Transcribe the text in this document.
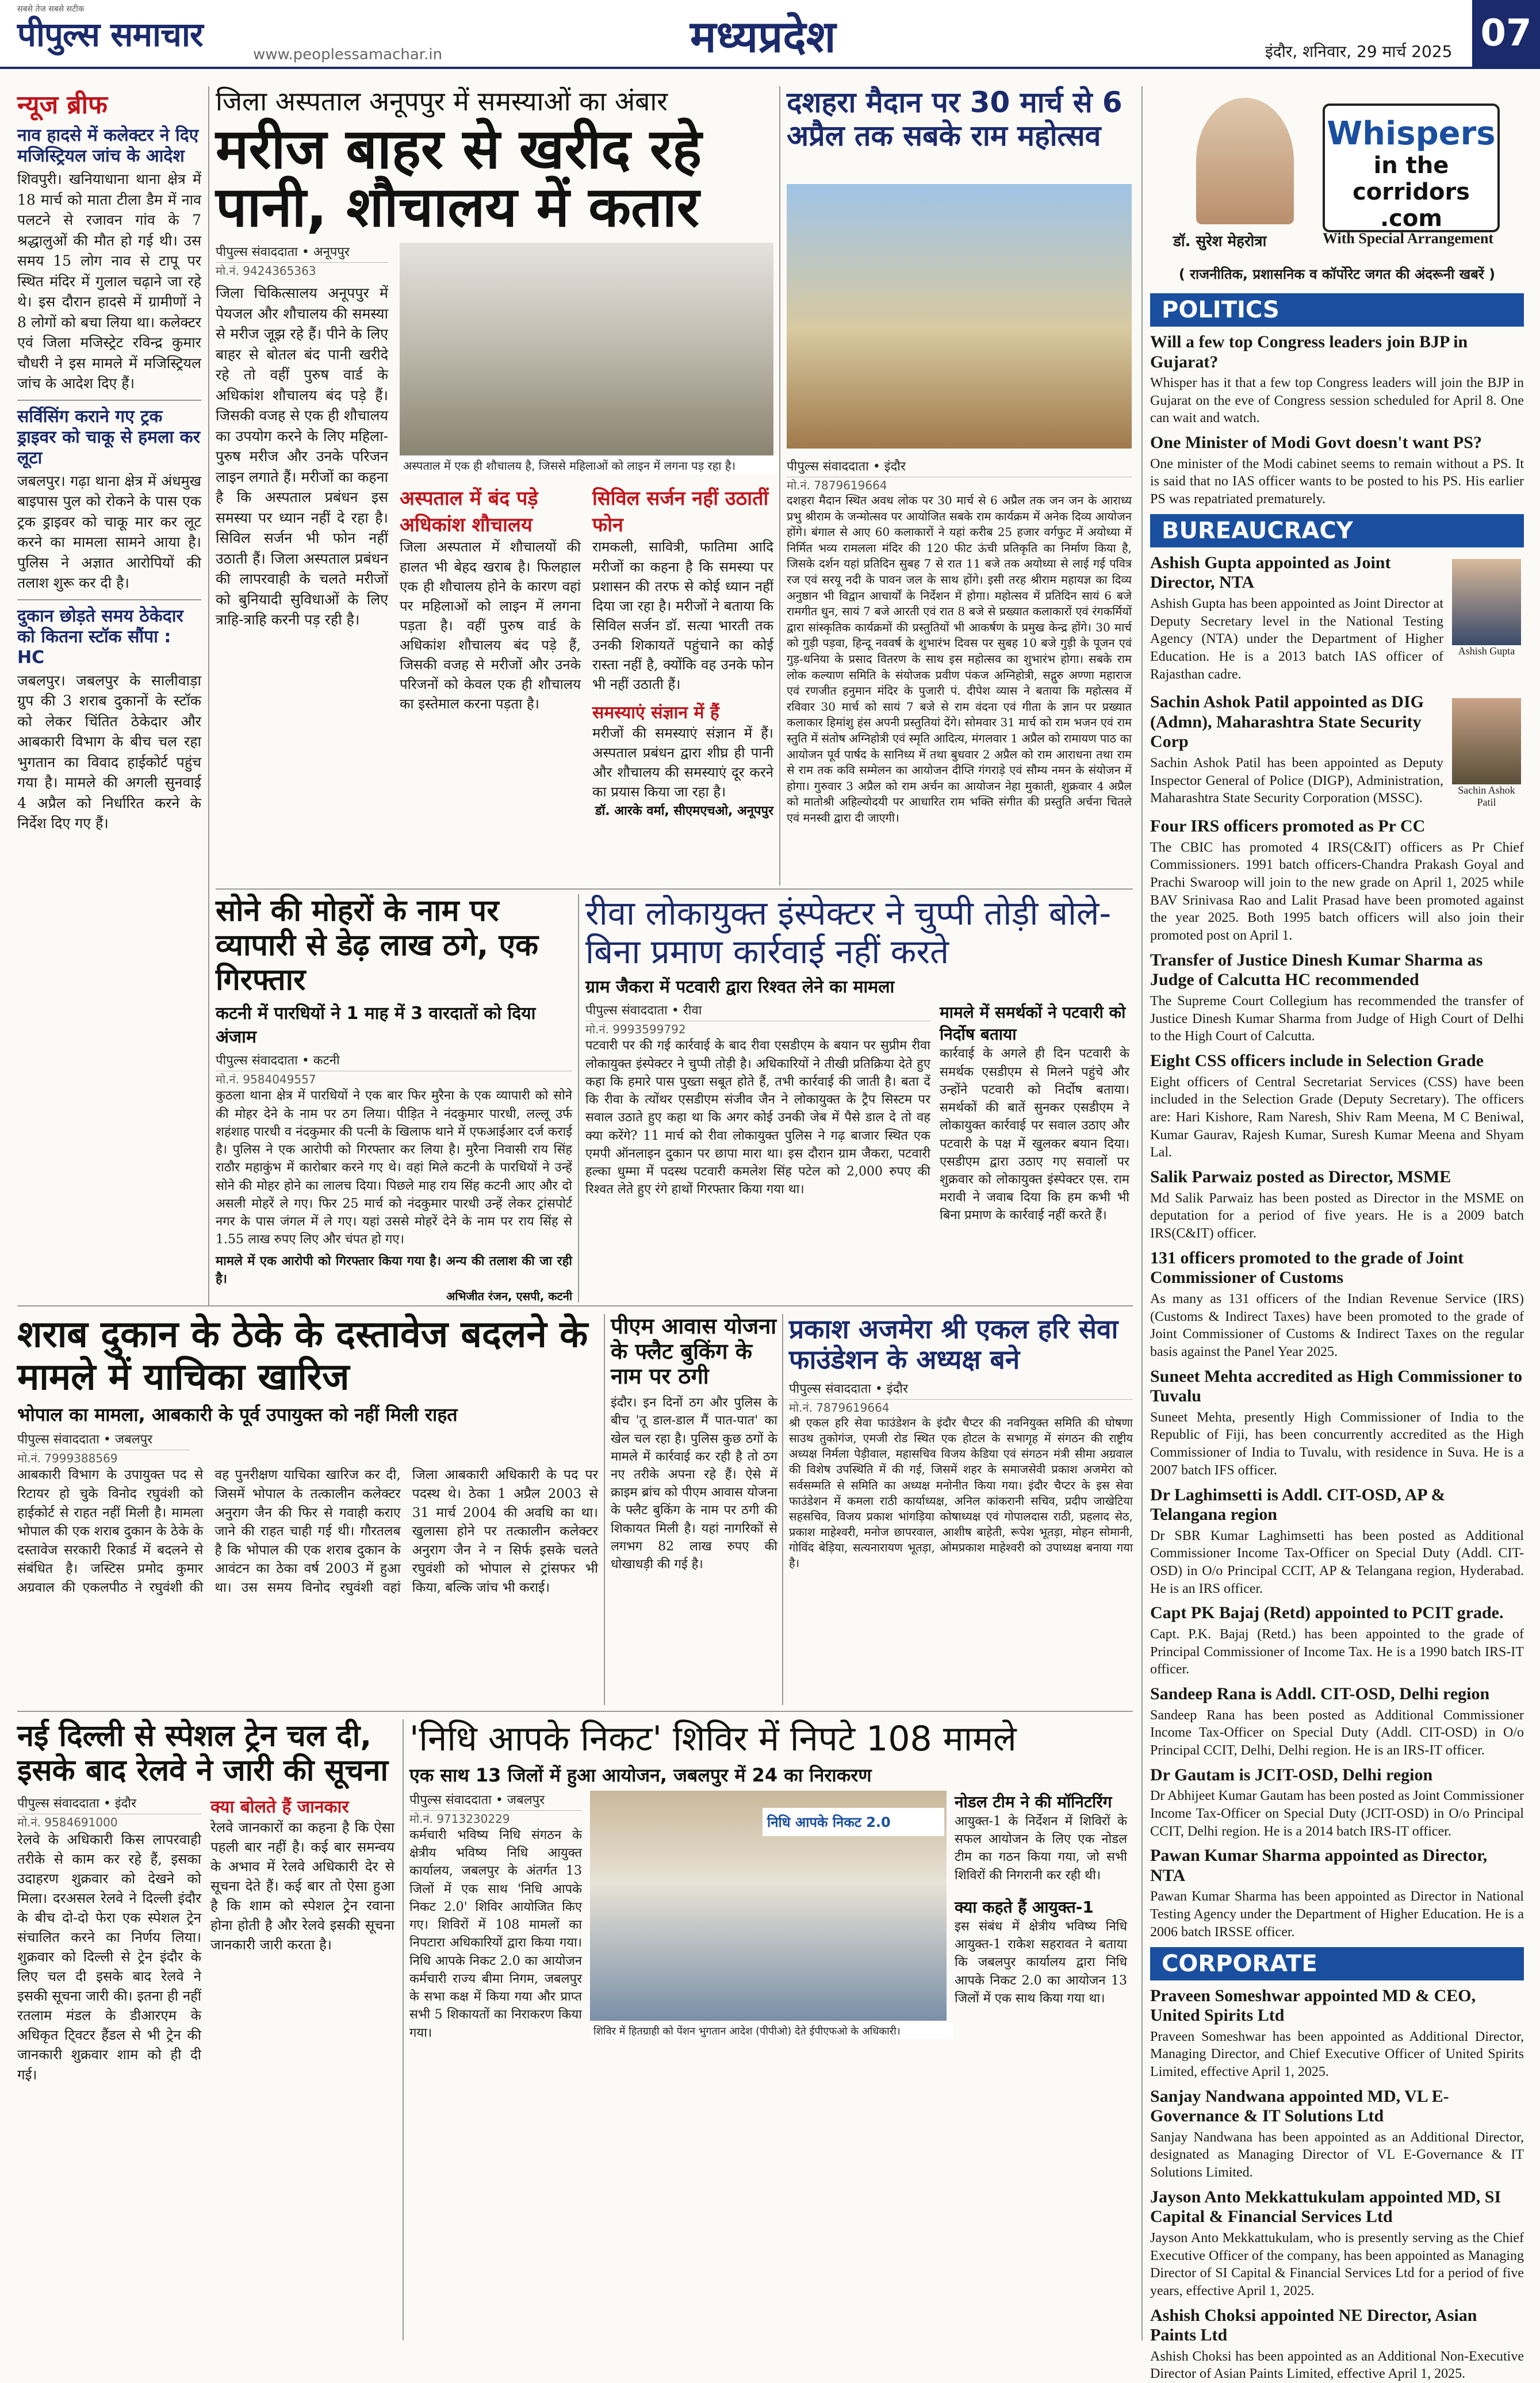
सबसे तेज सबसे सटीक
पीपुल्स समाचार
www.peoplessamachar.in	मध्यप्रदेश	इंदौर, शनिवार, 29 मार्च 2025 07
न्यूज ब्रीफ
नाव हादसे में कलेक्टर ने दिए मजिस्ट्रियल जांच के आदेश
शिवपुरी। खनियाधाना थाना क्षेत्र में 18 मार्च को माता टीला डैम में नाव पलटने से रजावन गांव के 7 श्रद्धालुओं की मौत हो गई थी। उस समय 15 लोग नाव से टापू पर स्थित मंदिर में गुलाल चढ़ाने जा रहे थे। इस दौरान हादसे में ग्रामीणों ने 8 लोगों को बचा लिया था। कलेक्टर एवं जिला मजिस्ट्रेट रविन्द्र कुमार चौधरी ने इस मामले में मजिस्ट्रियल जांच के आदेश दिए हैं।
सर्विसिंग कराने गए ट्रक ड्राइवर को चाकू से हमला कर लूटा
जबलपुर। गढ़ा थाना क्षेत्र में अंधमुख बाइपास पुल को रोकने के पास एक ट्रक ड्राइवर को चाकू मार कर लूट करने का मामला सामने आया है। पुलिस ने अज्ञात आरोपियों की तलाश शुरू कर दी है।
दुकान छोड़ते समय ठेकेदार को कितना स्टॉक सौंपा : HC
जबलपुर। जबलपुर के सालीवाड़ा ग्रुप की 3 शराब दुकानों के स्टॉक को लेकर चिंतित ठेकेदार और आबकारी विभाग के बीच चल रहा भुगतान का विवाद हाईकोर्ट पहुंच गया है। मामले की अगली सुनवाई 4 अप्रैल को निर्धारित करने के निर्देश दिए गए हैं।
जिला अस्पताल अनूपपुर में समस्याओं का अंबार
मरीज बाहर से खरीद रहे पानी, शौचालय में कतार
पीपुल्स संवाददाता • अनूपपुर
मो.नं. 9424365363
जिला चिकित्सालय अनूपपुर में पेयजल और शौचालय की समस्या से मरीज जूझ रहे हैं। पीने के लिए बाहर से बोतल बंद पानी खरीदे रहे तो वहीं पुरुष वार्ड के अधिकांश शौचालय बंद पड़े हैं। जिसकी वजह से एक ही शौचालय का उपयोग करने के लिए महिला-पुरुष मरीज और उनके परिजन लाइन लगाते हैं। मरीजों का कहना है कि अस्पताल प्रबंधन इस समस्या पर ध्यान नहीं दे रहा है। सिविल सर्जन भी फोन नहीं उठाती हैं। जिला अस्पताल प्रबंधन की लापरवाही के चलते मरीजों को बुनियादी सुविधाओं के लिए त्राहि-त्राहि करनी पड़ रही है।
अस्पताल में एक ही शौचालय है, जिससे महिलाओं को लाइन में लगना पड़ रहा है।
अस्पताल में बंद पड़े अधिकांश शौचालय
जिला अस्पताल में शौचालयों की हालत भी बेहद खराब है। फिलहाल एक ही शौचालय होने के कारण वहां पर महिलाओं को लाइन में लगना पड़ता है। वहीं पुरुष वार्ड के अधिकांश शौचालय बंद पड़े हैं, जिसकी वजह से मरीजों और उनके परिजनों को केवल एक ही शौचालय का इस्तेमाल करना पड़ता है।
सिविल सर्जन नहीं उठातीं फोन
रामकली, सावित्री, फातिमा आदि मरीजों का कहना है कि समस्या पर प्रशासन की तरफ से कोई ध्यान नहीं दिया जा रहा है। मरीजों ने बताया कि सिविल सर्जन डॉ. सत्या भारती तक उनकी शिकायतें पहुंचाने का कोई रास्ता नहीं है, क्योंकि वह उनके फोन भी नहीं उठाती हैं।
समस्याएं संज्ञान में हैं
मरीजों की समस्याएं संज्ञान में हैं। अस्पताल प्रबंधन द्वारा शीघ्र ही पानी और शौचालय की समस्याएं दूर करने का प्रयास किया जा रहा है।
डॉ. आरके वर्मा, सीएमएचओ, अनूपपुर
दशहरा मैदान पर 30 मार्च से 6 अप्रैल तक सबके राम महोत्सव
पीपुल्स संवाददाता • इंदौर
मो.नं. 7879619664
दशहरा मैदान स्थित अवध लोक पर 30 मार्च से 6 अप्रैल तक जन जन के आराध्य प्रभु श्रीराम के जन्मोत्सव पर आयोजित सबके राम कार्यक्रम में अनेक दिव्य आयोजन होंगे। बंगाल से आए 60 कलाकारों ने यहां करीब 25 हजार वर्गफुट में अयोध्या में निर्मित भव्य रामलला मंदिर की 120 फीट ऊंची प्रतिकृति का निर्माण किया है, जिसके दर्शन यहां प्रतिदिन सुबह 7 से रात 11 बजे तक अयोध्या से लाई गई पवित्र रज एवं सरयू नदी के पावन जल के साथ होंगे। इसी तरह श्रीराम महायज्ञ का दिव्य अनुष्ठान भी विद्वान आचार्यों के निर्देशन में होगा। महोत्सव में प्रतिदिन सायं 6 बजे रामगीत धुन, सायं 7 बजे आरती एवं रात 8 बजे से प्रख्यात कलाकारों एवं रंगकर्मियों द्वारा सांस्कृतिक कार्यक्रमों की प्रस्तुतियों भी आकर्षण के प्रमुख केन्द्र होंगे। 30 मार्च को गुड़ी पड़वा, हिन्दू नववर्ष के शुभारंभ दिवस पर सुबह 10 बजे गुड़ी के पूजन एवं गुड़-धनिया के प्रसाद वितरण के साथ इस महोत्सव का शुभारंभ होगा। सबके राम लोक कल्याण समिति के संयोजक प्रवीण पंकज अग्निहोत्री, सद्गुरु अण्णा महाराज एवं रणजीत हनुमान मंदिर के पुजारी पं. दीपेश व्यास ने बताया कि महोत्सव में रविवार 30 मार्च को सायं 7 बजे से राम वंदना एवं गीता के ज्ञान पर प्रख्यात कलाकार हिमांशु हंस अपनी प्रस्तुतियां देंगे। सोमवार 31 मार्च को राम भजन एवं राम स्तुति में संतोष अग्निहोत्री एवं स्मृति आदित्य, मंगलवार 1 अप्रैल को रामायण पाठ का आयोजन पूर्व पार्षद के सानिध्य में तथा बुधवार 2 अप्रैल को राम आराधना तथा राम से राम तक कवि सम्मेलन का आयोजन दीप्ति गंगराड़े एवं सौम्य नमन के संयोजन में होगा। गुरुवार 3 अप्रैल को राम अर्चन का आयोजन नेहा मुकाती, शुक्रवार 4 अप्रैल को मातोश्री अहिल्योदयी पर आधारित राम भक्ति संगीत की प्रस्तुति अर्चना चितले एवं मनस्वी द्वारा दी जाएगी।
सोने की मोहरों के नाम पर व्यापारी से डेढ़ लाख ठगे, एक गिरफ्तार
कटनी में पारधियों ने 1 माह में 3 वारदातों को दिया अंजाम
पीपुल्स संवाददाता • कटनी
मो.नं. 9584049557
कुठला थाना क्षेत्र में पारधियों ने एक बार फिर मुरैना के एक व्यापारी को सोने की मोहर देने के नाम पर ठग लिया। पीड़ित ने नंदकुमार पारधी, लल्लू उर्फ शहंशाह पारधी व नंदकुमार की पत्नी के खिलाफ थाने में एफआईआर दर्ज कराई है। पुलिस ने एक आरोपी को गिरफ्तार कर लिया है। मुरैना निवासी राय सिंह राठौर महाकुंभ में कारोबार करने गए थे। वहां मिले कटनी के पारधियों ने उन्हें सोने की मोहर होने का लालच दिया। पिछले माह राय सिंह कटनी आए और दो असली मोहरें ले गए। फिर 25 मार्च को नंदकुमार पारधी उन्हें लेकर ट्रांसपोर्ट नगर के पास जंगल में ले गए। यहां उससे मोहरें देने के नाम पर राय सिंह से 1.55 लाख रुपए लिए और चंपत हो गए।
मामले में एक आरोपी को गिरफ्तार किया गया है। अन्य की तलाश की जा रही है।
अभिजीत रंजन, एसपी, कटनी
रीवा लोकायुक्त इंस्पेक्टर ने चुप्पी तोड़ी बोले- बिना प्रमाण कार्रवाई नहीं करते
ग्राम जैकरा में पटवारी द्वारा रिश्वत लेने का मामला
पीपुल्स संवाददाता • रीवा
मो.नं. 9993599792
पटवारी पर की गई कार्रवाई के बाद रीवा एसडीएम के बयान पर सुप्रीम रीवा लोकायुक्त इंस्पेक्टर ने चुप्पी तोड़ी है। अधिकारियों ने तीखी प्रतिक्रिया देते हुए कहा कि हमारे पास पुख्ता सबूत होते हैं, तभी कार्रवाई की जाती है। बता दें कि रीवा के त्योंथर एसडीएम संजीव जैन ने लोकायुक्त के ट्रैप सिस्टम पर सवाल उठाते हुए कहा था कि अगर कोई उनकी जेब में पैसे डाल दे तो वह क्या करेंगे? 11 मार्च को रीवा लोकायुक्त पुलिस ने गढ़ बाजार स्थित एक एमपी ऑनलाइन दुकान पर छापा मारा था। इस दौरान ग्राम जैकरा, पटवारी हल्का धुम्मा में पदस्थ पटवारी कमलेश सिंह पटेल को 2,000 रुपए की रिश्वत लेते हुए रंगे हाथों गिरफ्तार किया गया था।
मामले में समर्थकों ने पटवारी को निर्दोष बताया
कार्रवाई के अगले ही दिन पटवारी के समर्थक एसडीएम से मिलने पहुंचे और उन्होंने पटवारी को निर्दोष बताया। समर्थकों की बातें सुनकर एसडीएम ने लोकायुक्त कार्रवाई पर सवाल उठाए और पटवारी के पक्ष में खुलकर बयान दिया। एसडीएम द्वारा उठाए गए सवालों पर शुक्रवार को लोकायुक्त इंस्पेक्टर एस. राम मरावी ने जवाब दिया कि हम कभी भी बिना प्रमाण के कार्रवाई नहीं करते हैं।
शराब दुकान के ठेके के दस्तावेज बदलने के मामले में याचिका खारिज
भोपाल का मामला, आबकारी के पूर्व उपायुक्त को नहीं मिली राहत
पीपुल्स संवाददाता • जबलपुर
मो.नं. 7999388569
आबकारी विभाग के उपायुक्त पद से रिटायर हो चुके विनोद रघुवंशी को हाईकोर्ट से राहत नहीं मिली है। मामला भोपाल की एक शराब दुकान के ठेके के दस्तावेज सरकारी रिकार्ड में बदलने से संबंधित है। जस्टिस प्रमोद कुमार अग्रवाल की एकलपीठ ने रघुवंशी की वह पुनरीक्षण याचिका खारिज कर दी, जिसमें भोपाल के तत्कालीन कलेक्टर अनुराग जैन की फिर से गवाही कराए जाने की राहत चाही गई थी। गौरतलब है कि भोपाल की एक शराब दुकान के आवंटन का ठेका वर्ष 2003 में हुआ था। उस समय विनोद रघुवंशी वहां जिला आबकारी अधिकारी के पद पर पदस्थ थे। ठेका 1 अप्रैल 2003 से 31 मार्च 2004 की अवधि का था। खुलासा होने पर तत्कालीन कलेक्टर अनुराग जैन ने न सिर्फ इसके चलते रघुवंशी को भोपाल से ट्रांसफर भी किया, बल्कि जांच भी कराई।
पीएम आवास योजना के फ्लैट बुकिंग के नाम पर ठगी
इंदौर। इन दिनों ठग और पुलिस के बीच 'तू डाल-डाल मैं पात-पात' का खेल चल रहा है। पुलिस कुछ ठगों के मामले में कार्रवाई कर रही है तो ठग नए तरीके अपना रहे हैं। ऐसे में क्राइम ब्रांच को पीएम आवास योजना के फ्लैट बुकिंग के नाम पर ठगी की शिकायत मिली है। यहां नागरिकों से लगभग 82 लाख रुपए की धोखाधड़ी की गई है।
प्रकाश अजमेरा श्री एकल हरि सेवा फाउंडेशन के अध्यक्ष बने
पीपुल्स संवाददाता • इंदौर
मो.नं. 7879619664
श्री एकल हरि सेवा फाउंडेशन के इंदौर चैप्टर की नवनियुक्त समिति की घोषणा साउथ तुकोगंज, एमजी रोड स्थित एक होटल के सभागृह में संगठन की राष्ट्रीय अध्यक्ष निर्मला पेड़ीवाल, महासचिव विजय केडिया एवं संगठन मंत्री सीमा अग्रवाल की विशेष उपस्थिति में की गई, जिसमें शहर के समाजसेवी प्रकाश अजमेरा को सर्वसम्मति से समिति का अध्यक्ष मनोनीत किया गया। इंदौर चैप्टर के इस सेवा फाउंडेशन में कमला राठी कार्याध्यक्ष, अनिल कांकरानी सचिव, प्रदीप जाखेटिया सहसचिव, विजय प्रकाश भांगड़िया कोषाध्यक्ष एवं गोपालदास राठी, प्रहलाद सेठ, प्रकाश माहेश्वरी, मनोज छापरवाल, आशीष बाहेती, रूपेश भूतड़ा, मोहन सोमानी, गोविंद बेड़िया, सत्यनारायण भूतड़ा, ओमप्रकाश माहेश्वरी को उपाध्यक्ष बनाया गया है।
नई दिल्ली से स्पेशल ट्रेन चल दी, इसके बाद रेलवे ने जारी की सूचना
पीपुल्स संवाददाता • इंदौर
मो.नं. 9584691000
रेलवे के अधिकारी किस लापरवाही तरीके से काम कर रहे हैं, इसका उदाहरण शुक्रवार को देखने को मिला। दरअसल रेलवे ने दिल्ली इंदौर के बीच दो-दो फेरा एक स्पेशल ट्रेन संचालित करने का निर्णय लिया। शुक्रवार को दिल्ली से ट्रेन इंदौर के लिए चल दी इसके बाद रेलवे ने इसकी सूचना जारी की। इतना ही नहीं रतलाम मंडल के डीआरएम के अधिकृत टि्वटर हैंडल से भी ट्रेन की जानकारी शुक्रवार शाम को ही दी गई।
क्या बोलते हैं जानकार
रेलवे जानकारों का कहना है कि ऐसा पहली बार नहीं है। कई बार समन्वय के अभाव में रेलवे अधिकारी देर से सूचना देते हैं। कई बार तो ऐसा हुआ है कि शाम को स्पेशल ट्रेन रवाना होना होती है और रेलवे इसकी सूचना जानकारी जारी करता है।
'निधि आपके निकट' शिविर में निपटे 108 मामले
एक साथ 13 जिलों में हुआ आयोजन, जबलपुर में 24 का निराकरण
पीपुल्स संवाददाता • जबलपुर
मो.नं. 9713230229
कर्मचारी भविष्य निधि संगठन के क्षेत्रीय भविष्य निधि आयुक्त कार्यालय, जबलपुर के अंतर्गत 13 जिलों में एक साथ 'निधि आपके निकट 2.0' शिविर आयोजित किए गए। शिविरों में 108 मामलों का निपटारा अधिकारियों द्वारा किया गया। निधि आपके निकट 2.0 का आयोजन कर्मचारी राज्य बीमा निगम, जबलपुर के सभा कक्ष में किया गया और प्राप्त सभी 5 शिकायतों का निराकरण किया गया।
निधि आपके निकट 2.0
शिविर में हितग्राही को पेंशन भुगतान आदेश (पीपीओ) देते ईपीएफओ के अधिकारी।
नोडल टीम ने की मॉनिटरिंग
आयुक्त-1 के निर्देशन में शिविरों के सफल आयोजन के लिए एक नोडल टीम का गठन किया गया, जो सभी शिविरों की निगरानी कर रही थी।
क्या कहते हैं आयुक्त-1
इस संबंध में क्षेत्रीय भविष्य निधि आयुक्त-1 राकेश सहरावत ने बताया कि जबलपुर कार्यालय द्वारा निधि आपके निकट 2.0 का आयोजन 13 जिलों में एक साथ किया गया था।
Whispers
in the corridors
.com
डॉ. सुरेश मेहरोत्रा	With Special Arrangement
( राजनीतिक, प्रशासनिक व कॉर्पोरेट जगत की अंदरूनी खबरें )
POLITICS
Will a few top Congress leaders join BJP in Gujarat?
Whisper has it that a few top Congress leaders will join the BJP in Gujarat on the eve of Congress session scheduled for April 8. One can wait and watch.
One Minister of Modi Govt doesn't want PS?
One minister of the Modi cabinet seems to remain without a PS. It is said that no IAS officer wants to be posted to his PS. His earlier PS was repatriated prematurely.
BUREAUCRACY
Ashish Gupta appointed as Joint Director, NTA
Ashish Gupta has been appointed as Joint Director at Deputy Secretary level in the National Testing Agency (NTA) under the Department of Higher Education. He is a 2013 batch IAS officer of Rajasthan cadre.
Ashish Gupta
Sachin Ashok Patil appointed as DIG (Admn), Maharashtra State Security Corp
Sachin Ashok Patil has been appointed as Deputy Inspector General of Police (DIGP), Administration, Maharashtra State Security Corporation (MSSC).
Sachin Ashok Patil
Four IRS officers promoted as Pr CC
The CBIC has promoted 4 IRS(C&IT) officers as Pr Chief Commissioners. 1991 batch officers-Chandra Prakash Goyal and Prachi Swaroop will join to the new grade on April 1, 2025 while BAV Srinivasa Rao and Lalit Prasad have been promoted against the year 2025. Both 1995 batch officers will also join their promoted post on April 1.
Transfer of Justice Dinesh Kumar Sharma as Judge of Calcutta HC recommended
The Supreme Court Collegium has recommended the transfer of Justice Dinesh Kumar Sharma from Judge of High Court of Delhi to the High Court of Calcutta.
Eight CSS officers include in Selection Grade
Eight officers of Central Secretariat Services (CSS) have been included in the Selection Grade (Deputy Secretary). The officers are: Hari Kishore, Ram Naresh, Shiv Ram Meena, M C Beniwal, Kumar Gaurav, Rajesh Kumar, Suresh Kumar Meena and Shyam Lal.
Salik Parwaiz posted as Director, MSME
Md Salik Parwaiz has been posted as Director in the MSME on deputation for a period of five years. He is a 2009 batch IRS(C&IT) officer.
131 officers promoted to the grade of Joint Commissioner of Customs
As many as 131 officers of the Indian Revenue Service (IRS) (Customs & Indirect Taxes) have been promoted to the grade of Joint Commissioner of Customs & Indirect Taxes on the regular basis against the Panel Year 2025.
Suneet Mehta accredited as High Commissioner to Tuvalu
Suneet Mehta, presently High Commissioner of India to the Republic of Fiji, has been concurrently accredited as the High Commissioner of India to Tuvalu, with residence in Suva. He is a 2007 batch IFS officer.
Dr Laghimsetti is Addl. CIT-OSD, AP & Telangana region
Dr SBR Kumar Laghimsetti has been posted as Additional Commissioner Income Tax-Officer on Special Duty (Addl. CIT-OSD) in O/o Principal CCIT, AP & Telangana region, Hyderabad. He is an IRS officer.
Capt PK Bajaj (Retd) appointed to PCIT grade.
Capt. P.K. Bajaj (Retd.) has been appointed to the grade of Principal Commissioner of Income Tax. He is a 1990 batch IRS-IT officer.
Sandeep Rana is Addl. CIT-OSD, Delhi region
Sandeep Rana has been posted as Additional Commissioner Income Tax-Officer on Special Duty (Addl. CIT-OSD) in O/o Principal CCIT, Delhi, Delhi region. He is an IRS-IT officer.
Dr Gautam is JCIT-OSD, Delhi region
Dr Abhijeet Kumar Gautam has been posted as Joint Commissioner Income Tax-Officer on Special Duty (JCIT-OSD) in O/o Principal CCIT, Delhi region. He is a 2014 batch IRS-IT officer.
Pawan Kumar Sharma appointed as Director, NTA
Pawan Kumar Sharma has been appointed as Director in National Testing Agency under the Department of Higher Education. He is a 2006 batch IRSSE officer.
CORPORATE
Praveen Someshwar appointed MD & CEO, United Spirits Ltd
Praveen Someshwar has been appointed as Additional Director, Managing Director, and Chief Executive Officer of United Spirits Limited, effective April 1, 2025.
Sanjay Nandwana appointed MD, VL E-Governance & IT Solutions Ltd
Sanjay Nandwana has been appointed as an Additional Director, designated as Managing Director of VL E-Governance & IT Solutions Limited.
Jayson Anto Mekkattukulam appointed MD, SI Capital & Financial Services Ltd
Jayson Anto Mekkattukulam, who is presently serving as the Chief Executive Officer of the company, has been appointed as Managing Director of SI Capital & Financial Services Ltd for a period of five years, effective April 1, 2025.
Ashish Choksi appointed NE Director, Asian Paints Ltd
Ashish Choksi has been appointed as an Additional Non-Executive Director of Asian Paints Limited, effective April 1, 2025.
